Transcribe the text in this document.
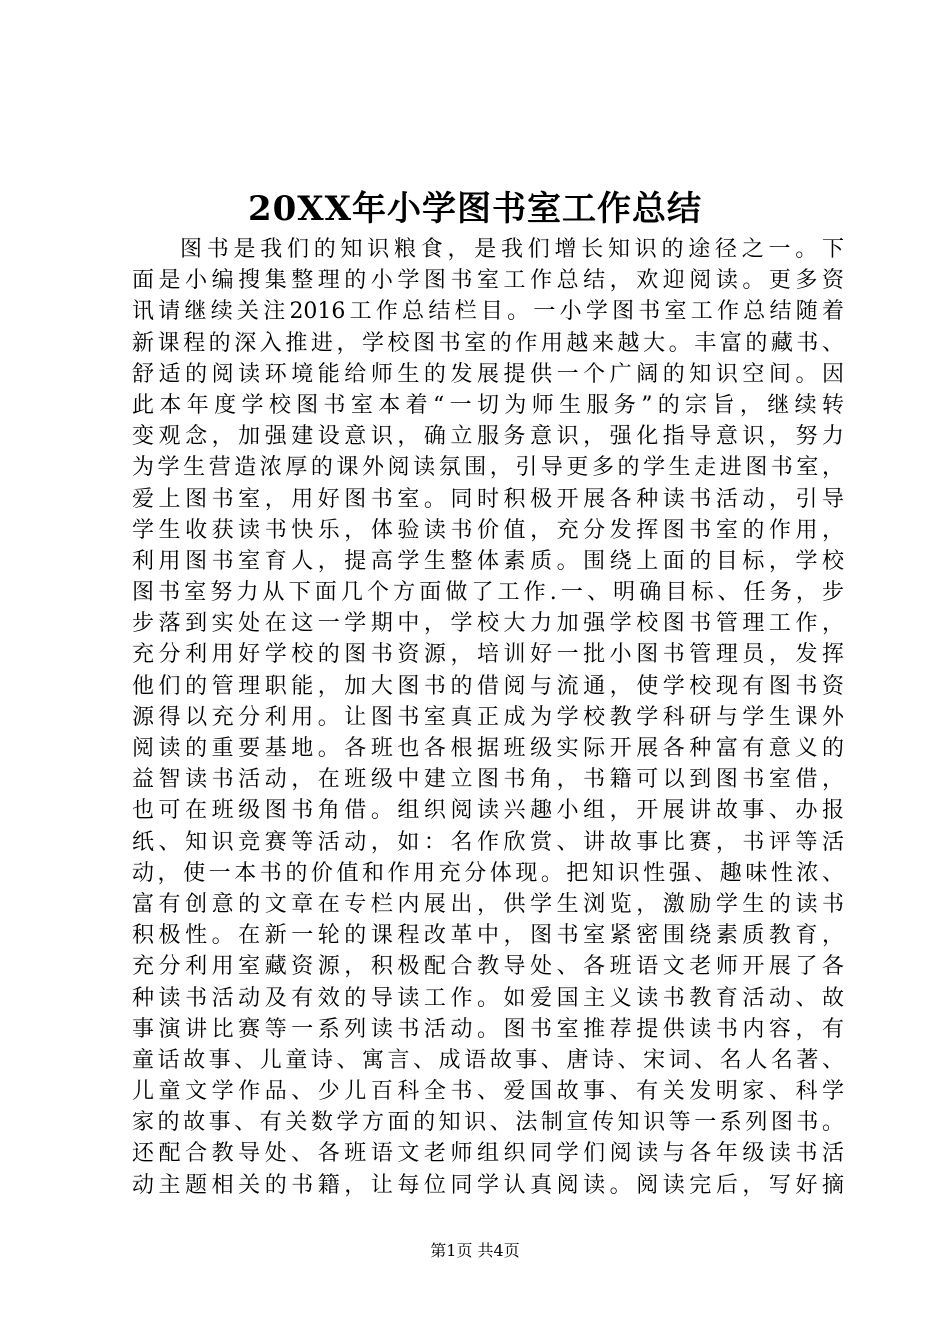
20XX年小学图书室工作总结
图书是我们的知识粮食，是我们增长知识的途径之一。下
面是小编搜集整理的小学图书室工作总结，欢迎阅读。更多资
讯请继续关注2016工作总结栏目。一小学图书室工作总结随着
新课程的深入推进，学校图书室的作用越来越大。丰富的藏书、
舒适的阅读环境能给师生的发展提供一个广阔的知识空间。因
此本年度学校图书室本着“一切为师生服务”的宗旨，继续转
变观念，加强建设意识，确立服务意识，强化指导意识，努力
为学生营造浓厚的课外阅读氛围，引导更多的学生走进图书室，
爱上图书室，用好图书室。同时积极开展各种读书活动，引导
学生收获读书快乐，体验读书价值，充分发挥图书室的作用，
利用图书室育人，提高学生整体素质。围绕上面的目标，学校
图书室努力从下面几个方面做了工作.一、明确目标、任务，步
步落到实处在这一学期中，学校大力加强学校图书管理工作，
充分利用好学校的图书资源，培训好一批小图书管理员，发挥
他们的管理职能，加大图书的借阅与流通，使学校现有图书资
源得以充分利用。让图书室真正成为学校教学科研与学生课外
阅读的重要基地。各班也各根据班级实际开展各种富有意义的
益智读书活动，在班级中建立图书角，书籍可以到图书室借，
也可在班级图书角借。组织阅读兴趣小组，开展讲故事、办报
纸、知识竞赛等活动，如：名作欣赏、讲故事比赛，书评等活
动，使一本书的价值和作用充分体现。把知识性强、趣味性浓、
富有创意的文章在专栏内展出，供学生浏览，激励学生的读书
积极性。在新一轮的课程改革中，图书室紧密围绕素质教育，
充分利用室藏资源，积极配合教导处、各班语文老师开展了各
种读书活动及有效的导读工作。如爱国主义读书教育活动、故
事演讲比赛等一系列读书活动。图书室推荐提供读书内容，有
童话故事、儿童诗、寓言、成语故事、唐诗、宋词、名人名著、
儿童文学作品、少儿百科全书、爱国故事、有关发明家、科学
家的故事、有关数学方面的知识、法制宣传知识等一系列图书。
还配合教导处、各班语文老师组织同学们阅读与各年级读书活
动主题相关的书籍，让每位同学认真阅读。阅读完后，写好摘
第1页 共4页
